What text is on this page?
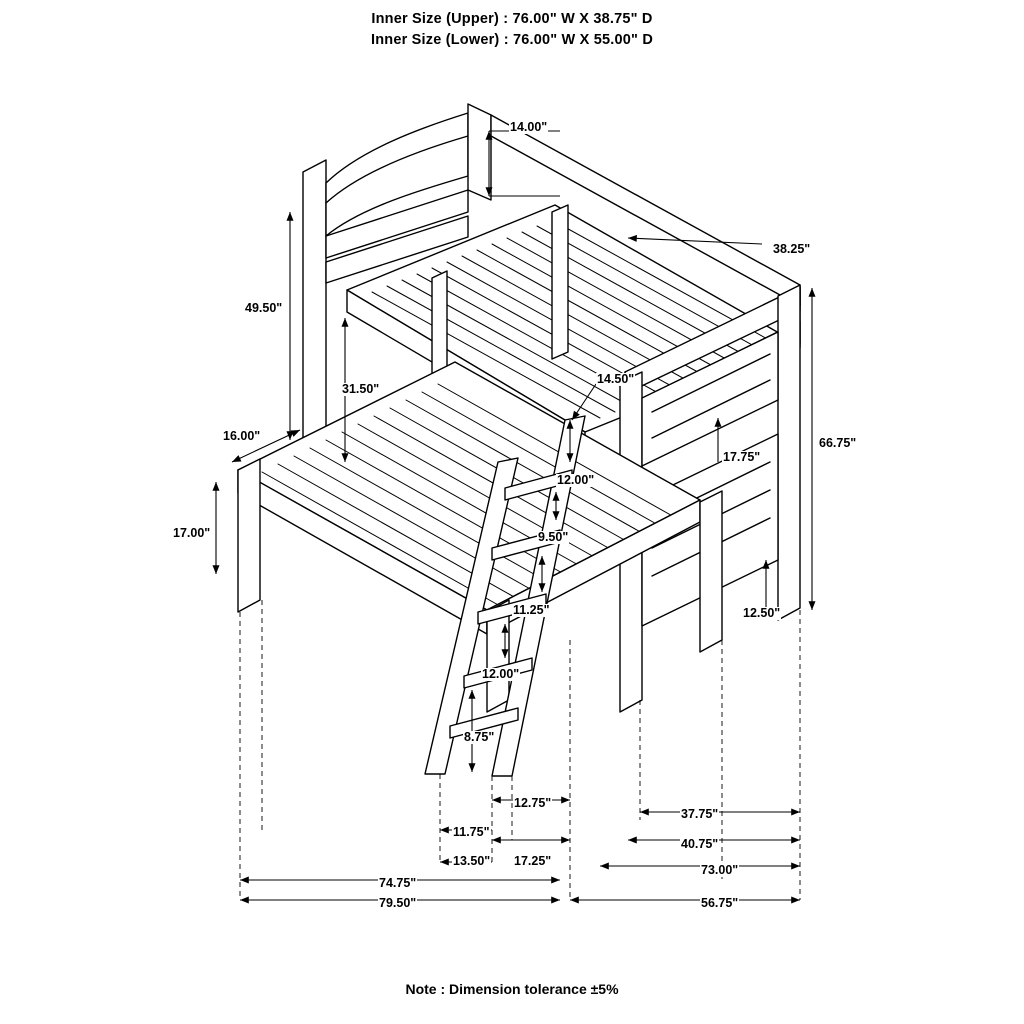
Inner Size (Upper) : 76.00" W X 38.75" D
Inner Size (Lower) : 76.00" W X 55.00" D
14.00"
38.25"
49.50"
31.50"
14.50"
16.00"	66.75"
17.75"
12.00"
17.00"	9.50"
11.25"	12.50"
12.00"
8.75"
12.75"
37.75"
11.75"
17.25"
40.75"
13.50"
73.00"
74.75"
79.50"	56.75"
Note : Dimension tolerance ±5%
